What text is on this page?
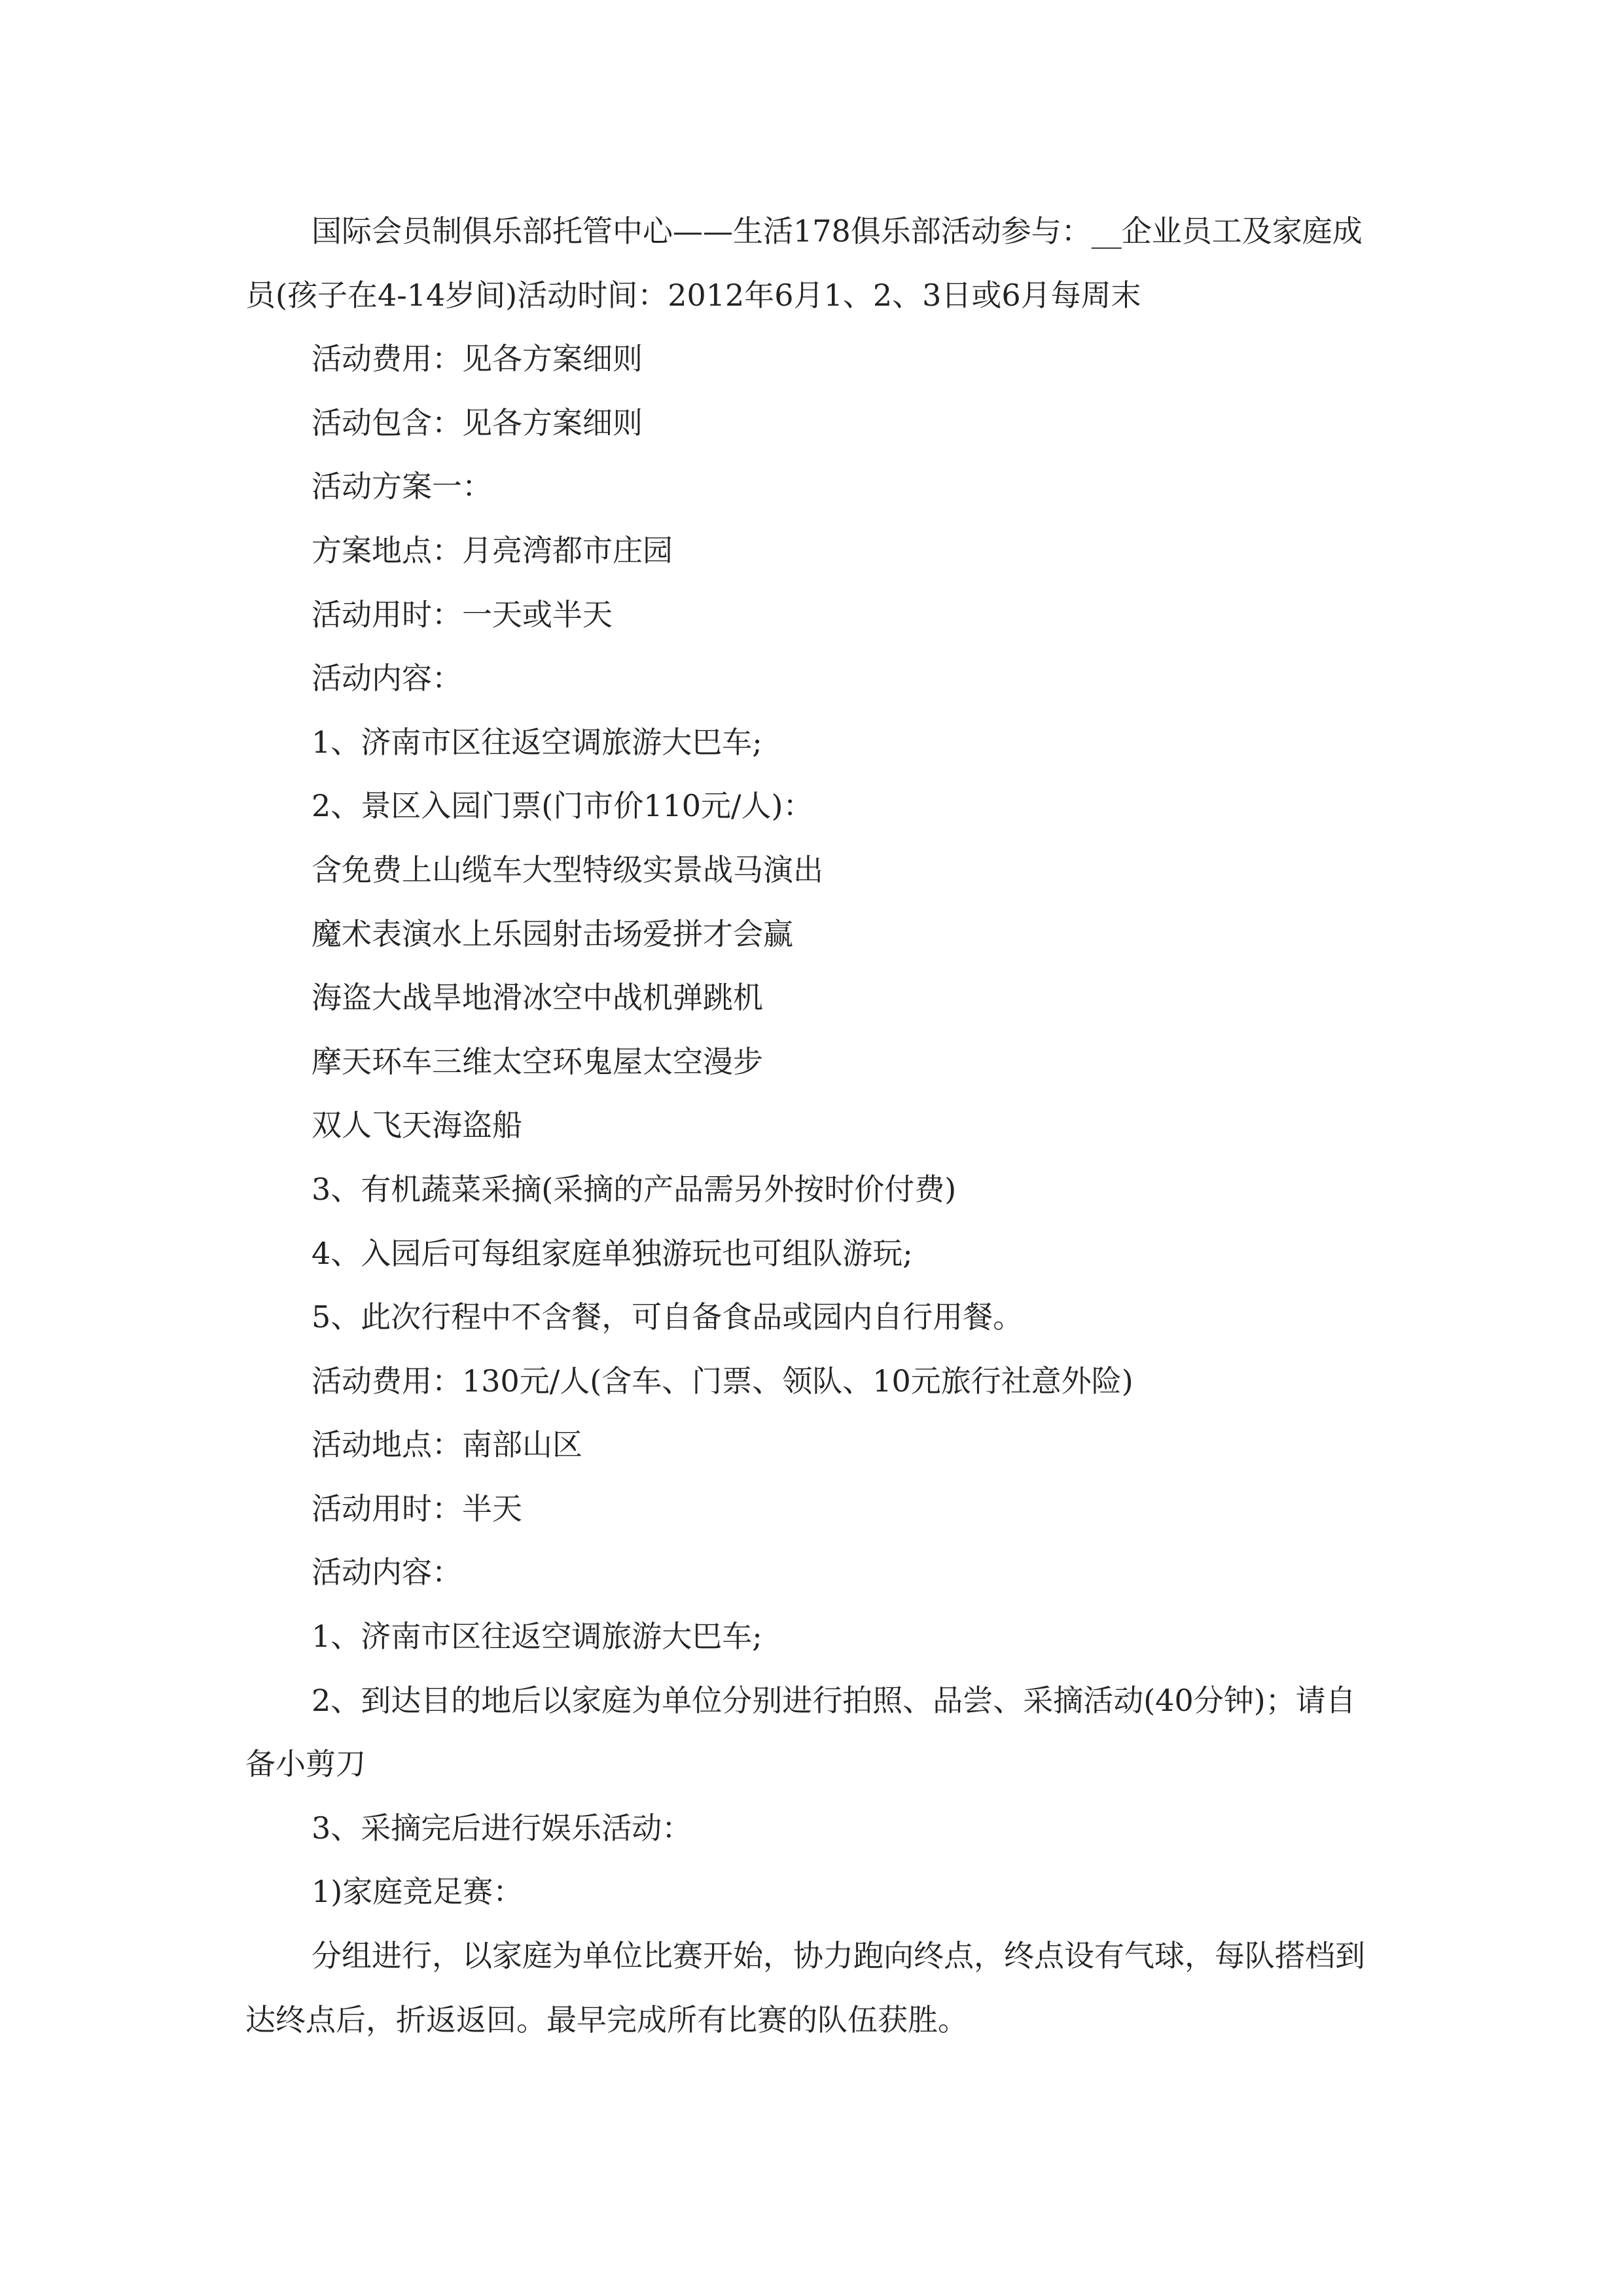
国际会员制俱乐部托管中心——生活178俱乐部活动参与：__企业员工及家庭成员(孩子在4-14岁间)活动时间：2012年6月1、2、3日或6月每周末

活动费用：见各方案细则

活动包含：见各方案细则

活动方案一：

方案地点：月亮湾都市庄园

活动用时：一天或半天

活动内容：

1、济南市区往返空调旅游大巴车;

2、景区入园门票(门市价110元/人)：

含免费上山缆车大型特级实景战马演出

魔术表演水上乐园射击场爱拼才会赢

海盗大战旱地滑冰空中战机弹跳机

摩天环车三维太空环鬼屋太空漫步

双人飞天海盗船

3、有机蔬菜采摘(采摘的产品需另外按时价付费)

4、入园后可每组家庭单独游玩也可组队游玩;

5、此次行程中不含餐，可自备食品或园内自行用餐。

活动费用：130元/人(含车、门票、领队、10元旅行社意外险)

活动地点：南部山区

活动用时：半天

活动内容：

1、济南市区往返空调旅游大巴车;

2、到达目的地后以家庭为单位分别进行拍照、品尝、采摘活动(40分钟)；请自备小剪刀

3、采摘完后进行娱乐活动：

1)家庭竞足赛：

分组进行，以家庭为单位比赛开始，协力跑向终点，终点设有气球，每队搭档到达终点后，折返返回。最早完成所有比赛的队伍获胜。
